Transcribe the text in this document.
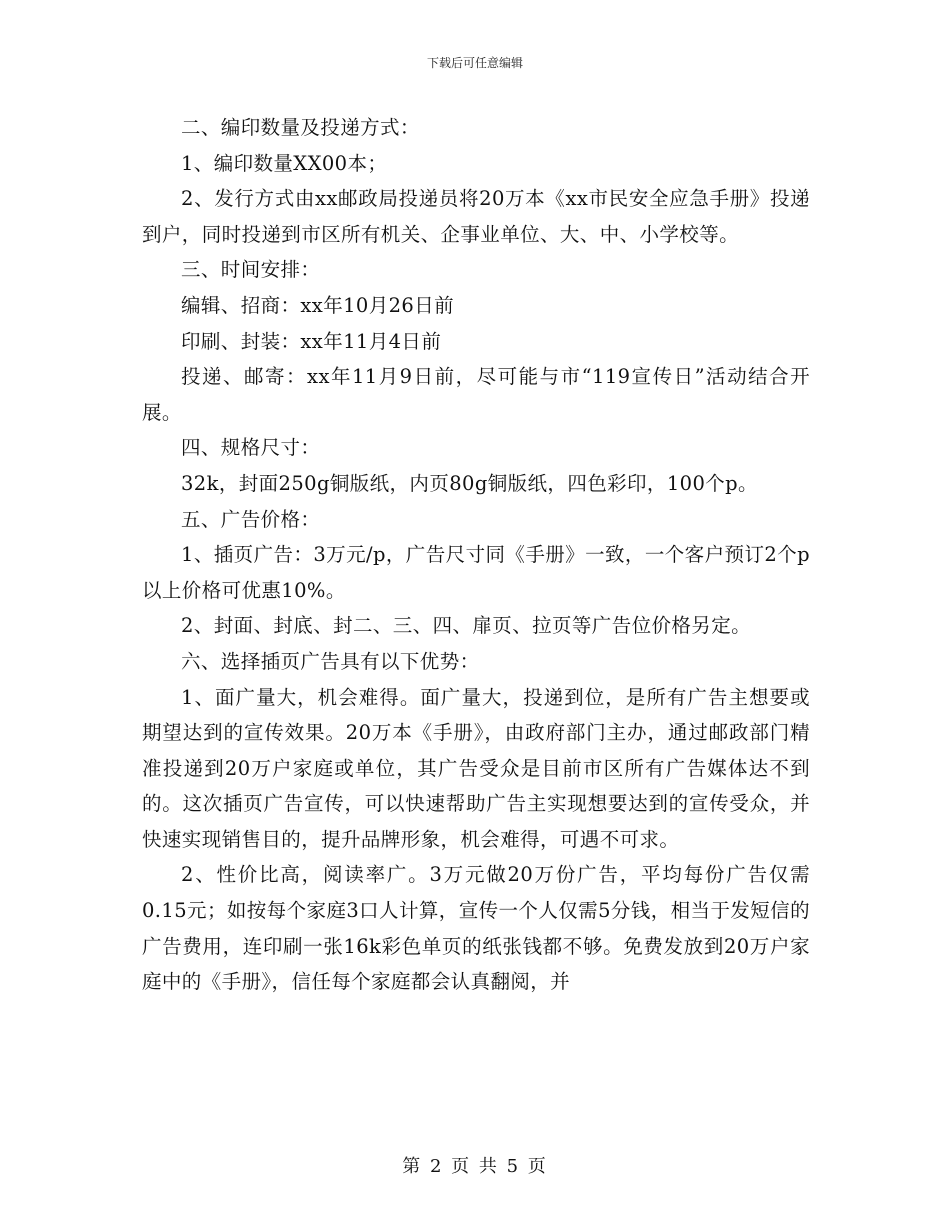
下载后可任意编辑

二、编印数量及投递方式：

1、编印数量XX00本；

2、发行方式由xx邮政局投递员将20万本《xx市民安全应急手册》投递到户，同时投递到市区所有机关、企事业单位、大、中、小学校等。

三、时间安排：

编辑、招商：xx年10月26日前

印刷、封装：xx年11月4日前

投递、邮寄：xx年11月9日前，尽可能与市“119宣传日”活动结合开展。

四、规格尺寸：

32k，封面250g铜版纸，内页80g铜版纸，四色彩印，100个p。

五、广告价格：

1、插页广告：3万元/p，广告尺寸同《手册》一致，一个客户预订2个p以上价格可优惠10%。

2、封面、封底、封二、三、四、扉页、拉页等广告位价格另定。

六、选择插页广告具有以下优势：

1、面广量大，机会难得。面广量大，投递到位，是所有广告主想要或期望达到的宣传效果。20万本《手册》，由政府部门主办，通过邮政部门精准投递到20万户家庭或单位，其广告受众是目前市区所有广告媒体达不到的。这次插页广告宣传，可以快速帮助广告主实现想要达到的宣传受众，并快速实现销售目的，提升品牌形象，机会难得，可遇不可求。

2、性价比高，阅读率广。3万元做20万份广告，平均每份广告仅需0.15元；如按每个家庭3口人计算，宣传一个人仅需5分钱，相当于发短信的广告费用，连印刷一张16k彩色单页的纸张钱都不够。免费发放到20万户家庭中的《手册》，信任每个家庭都会认真翻阅，并

第 2 页 共 5 页
